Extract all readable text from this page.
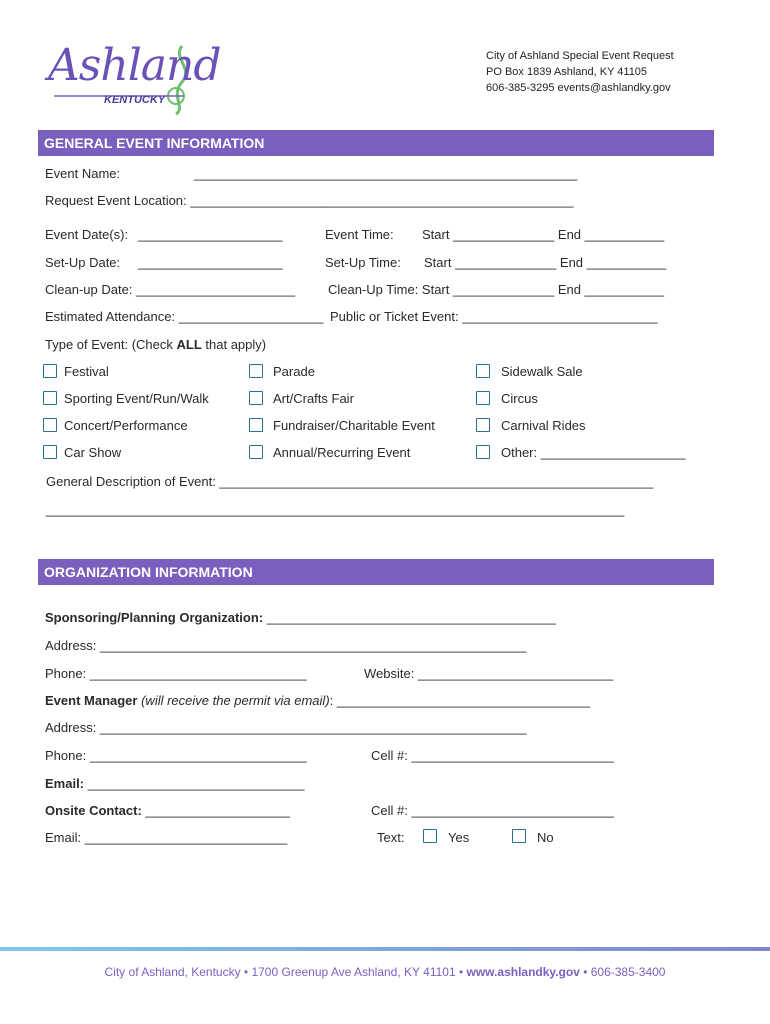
Ashland
KENTUCKY
City of Ashland Special Event Request
PO Box 1839 Ashland, KY 41105
606-385-3295 events@ashlandky.gov
GENERAL EVENT INFORMATION
Event Name:	_____________________________________________________
Request Event Location: _____________________________________________________
Event Date(s): ____________________	Event Time: Start ______________ End ___________
Set-Up Date: ____________________	Set-Up Time: Start ______________ End ___________
Clean-up Date: ______________________	Clean-Up Time: Start ______________ End ___________
Estimated Attendance: ____________________ Public or Ticket Event: ___________________________
Type of Event: (Check ALL that apply)
Festival	Parade	Sidewalk Sale
Sporting Event/Run/Walk	Art/Crafts Fair	Circus
Concert/Performance	Fundraiser/Charitable Event	Carnival Rides
Car Show	Annual/Recurring Event	Other: ____________________
General Description of Event: ____________________________________________________________
________________________________________________________________________________
ORGANIZATION INFORMATION
Sponsoring/Planning Organization: ________________________________________
Address: ___________________________________________________________
Phone: ______________________________	Website: ___________________________
Event Manager (will receive the permit via email): ___________________________________
Address: ___________________________________________________________
Phone: ______________________________	Cell #: ____________________________
Email: ______________________________
Onsite Contact: ____________________	Cell #: ____________________________
Email: ____________________________	Text:	Yes	No
City of Ashland, Kentucky • 1700 Greenup Ave Ashland, KY 41101 • www.ashlandky.gov • 606-385-3400
